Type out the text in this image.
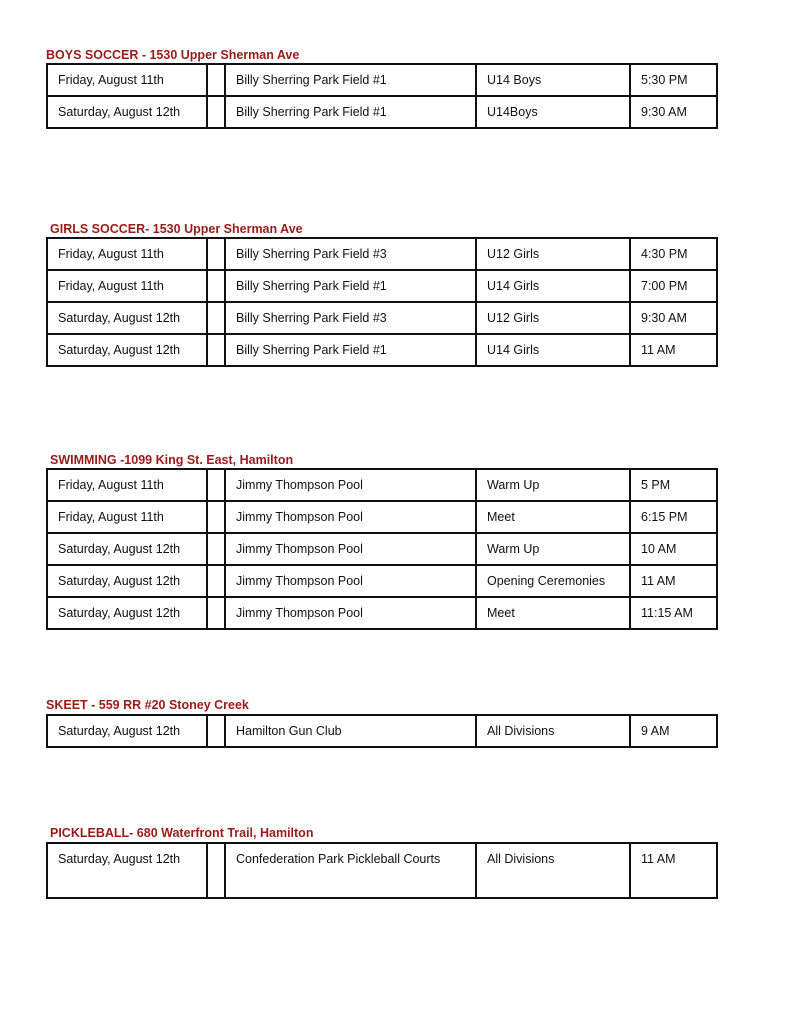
BOYS SOCCER - 1530 Upper Sherman Ave
Friday, August 11th		Billy Sherring Park Field #1	U14 Boys	5:30 PM
Saturday, August 12th		Billy Sherring Park Field #1	U14Boys	9:30 AM
GIRLS SOCCER- 1530 Upper Sherman Ave
Friday, August 11th		Billy Sherring Park Field #3	U12 Girls	4:30 PM
Friday, August 11th		Billy Sherring Park Field #1	U14 Girls	7:00 PM
Saturday, August 12th		Billy Sherring Park Field #3	U12 Girls	9:30 AM
Saturday, August 12th		Billy Sherring Park Field #1	U14 Girls	11 AM
SWIMMING -1099 King St. East, Hamilton
Friday, August 11th		Jimmy Thompson Pool	Warm Up	5 PM
Friday, August 11th		Jimmy Thompson Pool	Meet	6:15 PM
Saturday, August 12th		Jimmy Thompson Pool	Warm Up	10 AM
Saturday, August 12th		Jimmy Thompson Pool	Opening Ceremonies	11 AM
Saturday, August 12th		Jimmy Thompson Pool	Meet	11:15 AM
SKEET - 559 RR #20 Stoney Creek
Saturday, August 12th		Hamilton Gun Club	All Divisions	9 AM
PICKLEBALL- 680 Waterfront Trail, Hamilton
Saturday, August 12th		Confederation Park Pickleball Courts	All Divisions	11 AM
